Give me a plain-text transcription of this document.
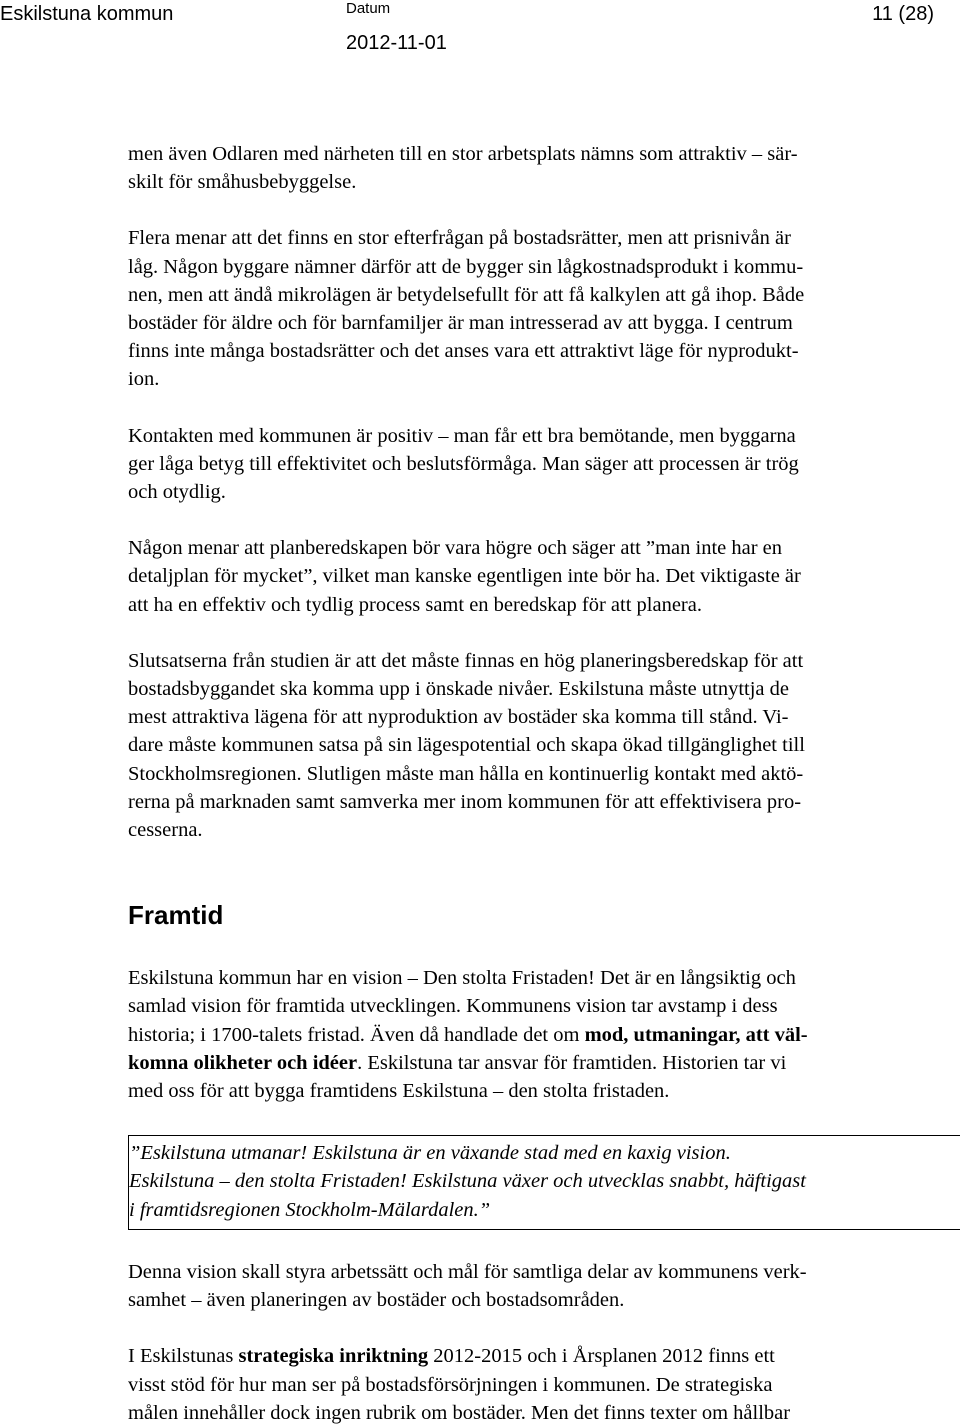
Eskilstuna kommun	Datum
2012-11-01
11 (28)

men även Odlaren med närheten till en stor arbetsplats nämns som attraktiv – sär-
skilt för småhusbebyggelse.

Flera menar att det finns en stor efterfrågan på bostadsrätter, men att prisnivån är
låg. Någon byggare nämner därför att de bygger sin lågkostnadsprodukt i kommu-
nen, men att ändå mikrolägen är betydelsefullt för att få kalkylen att gå ihop. Både
bostäder för äldre och för barnfamiljer är man intresserad av att bygga. I centrum
finns inte många bostadsrätter och det anses vara ett attraktivt läge för nyprodukt-
ion.

Kontakten med kommunen är positiv – man får ett bra bemötande, men byggarna
ger låga betyg till effektivitet och beslutsförmåga. Man säger att processen är trög
och otydlig.

Någon menar att planberedskapen bör vara högre och säger att ”man inte har en
detaljplan för mycket”, vilket man kanske egentligen inte bör ha. Det viktigaste är
att ha en effektiv och tydlig process samt en beredskap för att planera.

Slutsatserna från studien är att det måste finnas en hög planeringsberedskap för att
bostadsbyggandet ska komma upp i önskade nivåer. Eskilstuna måste utnyttja de
mest attraktiva lägena för att nyproduktion av bostäder ska komma till stånd. Vi-
dare måste kommunen satsa på sin lägespotential och skapa ökad tillgänglighet till
Stockholmsregionen. Slutligen måste man hålla en kontinuerlig kontakt med aktö-
rerna på marknaden samt samverka mer inom kommunen för att effektivisera pro-
cesserna.

Framtid

Eskilstuna kommun har en vision – Den stolta Fristaden! Det är en långsiktig och
samlad vision för framtida utvecklingen. Kommunens vision tar avstamp i dess
historia; i 1700-talets fristad. Även då handlade det om mod, utmaningar, att väl-
komna olikheter och idéer. Eskilstuna tar ansvar för framtiden. Historien tar vi
med oss för att bygga framtidens Eskilstuna – den stolta fristaden.

”Eskilstuna utmanar! Eskilstuna är en växande stad med en kaxig vision.
Eskilstuna – den stolta Fristaden! Eskilstuna växer och utvecklas snabbt, häftigast
i framtidsregionen Stockholm-Mälardalen.”

Denna vision skall styra arbetssätt och mål för samtliga delar av kommunens verk-
samhet – även planeringen av bostäder och bostadsområden.

I Eskilstunas strategiska inriktning 2012-2015 och i Årsplanen 2012 finns ett
visst stöd för hur man ser på bostadsförsörjningen i kommunen. De strategiska
målen innehåller dock ingen rubrik om bostäder. Men det finns texter om hållbar
